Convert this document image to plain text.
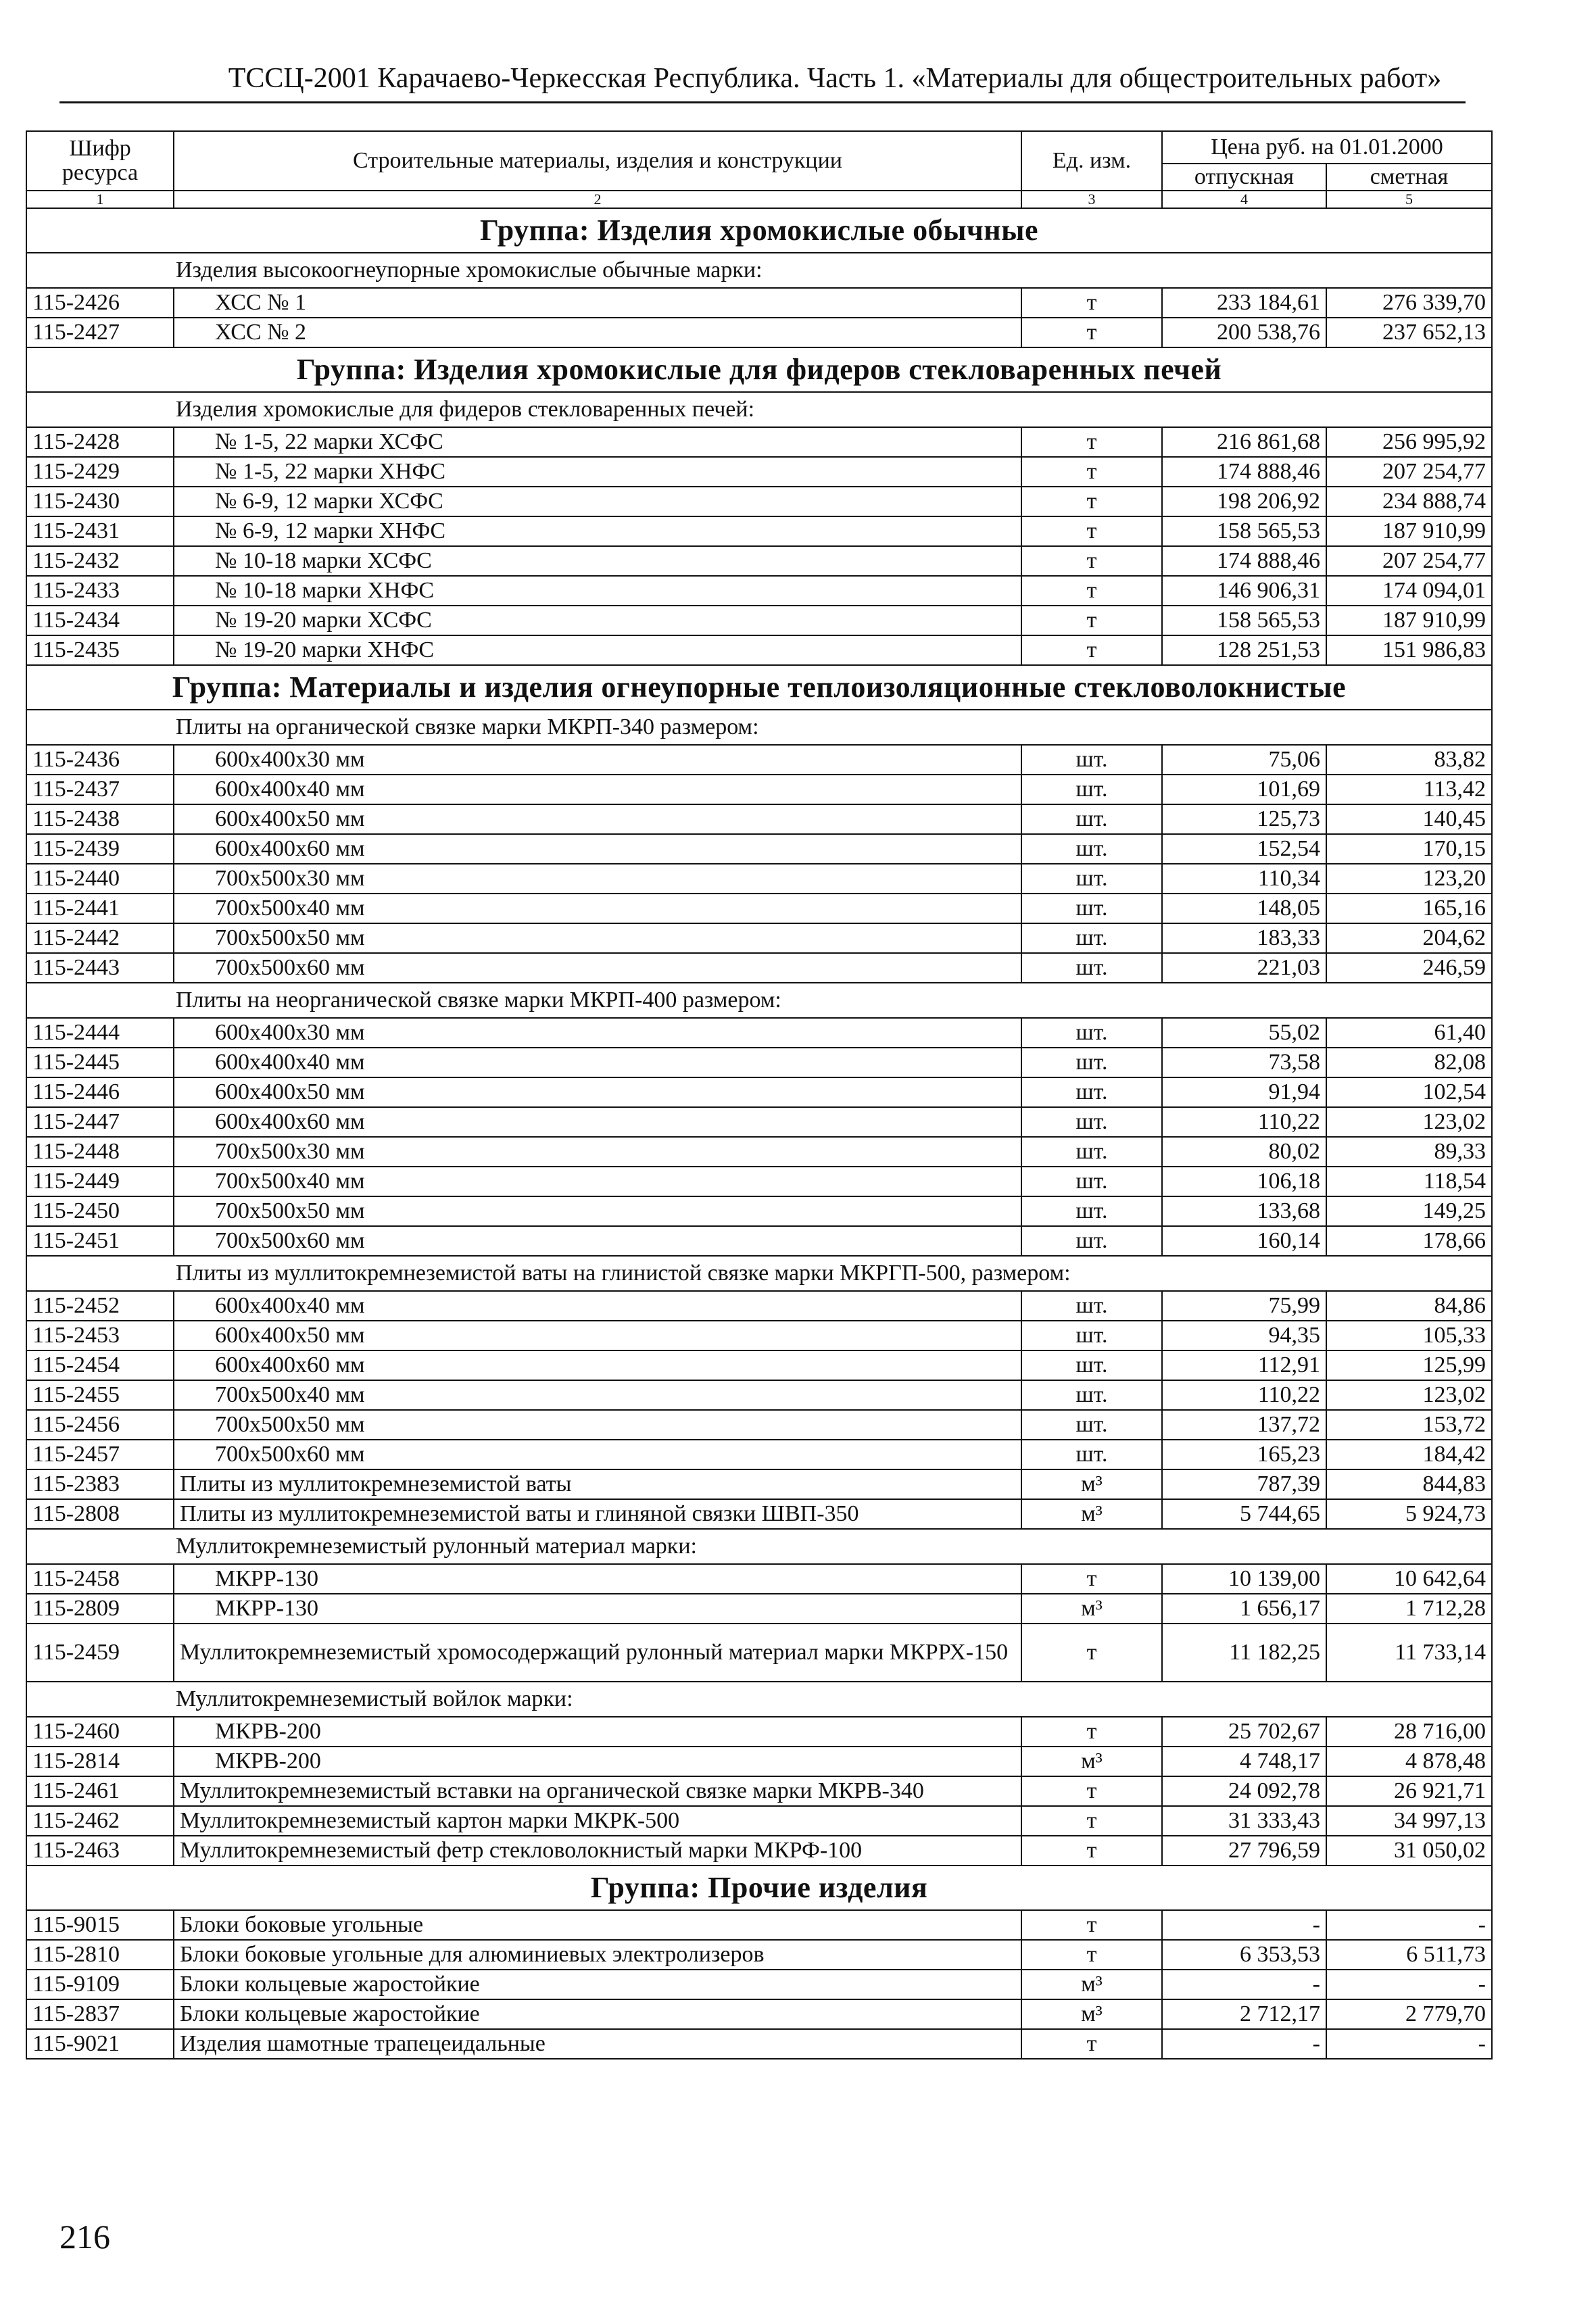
ТССЦ-2001 Карачаево-Черкесская Республика. Часть 1. «Материалы для общестроительных работ»
Шифр ресурса	Строительные материалы, изделия и конструкции	Ед. изм.	Цена руб. на 01.01.2000	
			отпускная	сметная
1	2	3	4	5
Группа: Изделия хромокислые обычные				
Изделия высокоогнеупорные хромокислые обычные марки:				
115-2426	ХСС № 1	т	233 184,61	276 339,70
115-2427	ХСС № 2	т	200 538,76	237 652,13
Группа: Изделия хромокислые для фидеров стекловаренных печей				
Изделия хромокислые для фидеров стекловаренных печей:				
115-2428	№ 1-5, 22 марки ХСФС	т	216 861,68	256 995,92
115-2429	№ 1-5, 22 марки ХНФС	т	174 888,46	207 254,77
115-2430	№ 6-9, 12 марки ХСФС	т	198 206,92	234 888,74
115-2431	№ 6-9, 12 марки ХНФС	т	158 565,53	187 910,99
115-2432	№ 10-18 марки ХСФС	т	174 888,46	207 254,77
115-2433	№ 10-18 марки ХНФС	т	146 906,31	174 094,01
115-2434	№ 19-20 марки ХСФС	т	158 565,53	187 910,99
115-2435	№ 19-20 марки ХНФС	т	128 251,53	151 986,83
Группа: Материалы и изделия огнеупорные теплоизоляционные стекловолокнистые				
Плиты на органической связке марки МКРП-340 размером:				
115-2436	600х400х30 мм	шт.	75,06	83,82
115-2437	600х400х40 мм	шт.	101,69	113,42
115-2438	600х400х50 мм	шт.	125,73	140,45
115-2439	600х400х60 мм	шт.	152,54	170,15
115-2440	700х500х30 мм	шт.	110,34	123,20
115-2441	700х500х40 мм	шт.	148,05	165,16
115-2442	700х500х50 мм	шт.	183,33	204,62
115-2443	700х500х60 мм	шт.	221,03	246,59
Плиты на неорганической связке марки МКРП-400 размером:				
115-2444	600х400х30 мм	шт.	55,02	61,40
115-2445	600х400х40 мм	шт.	73,58	82,08
115-2446	600х400х50 мм	шт.	91,94	102,54
115-2447	600х400х60 мм	шт.	110,22	123,02
115-2448	700х500х30 мм	шт.	80,02	89,33
115-2449	700х500х40 мм	шт.	106,18	118,54
115-2450	700х500х50 мм	шт.	133,68	149,25
115-2451	700х500х60 мм	шт.	160,14	178,66
Плиты из муллитокремнеземистой ваты на глинистой связке марки МКРГП-500, размером:				
115-2452	600х400х40 мм	шт.	75,99	84,86
115-2453	600х400х50 мм	шт.	94,35	105,33
115-2454	600х400х60 мм	шт.	112,91	125,99
115-2455	700х500х40 мм	шт.	110,22	123,02
115-2456	700х500х50 мм	шт.	137,72	153,72
115-2457	700х500х60 мм	шт.	165,23	184,42
115-2383	Плиты из муллитокремнеземистой ваты	м³	787,39	844,83
115-2808	Плиты из муллитокремнеземистой ваты и глиняной связки ШВП-350	м³	5 744,65	5 924,73
Муллитокремнеземистый рулонный материал марки:				
115-2458	МКРР-130	т	10 139,00	10 642,64
115-2809	МКРР-130	м³	1 656,17	1 712,28
115-2459	Муллитокремнеземистый хромосодержащий рулонный материал марки МКРРХ-150	т	11 182,25	11 733,14
Муллитокремнеземистый войлок марки:				
115-2460	МКРВ-200	т	25 702,67	28 716,00
115-2814	МКРВ-200	м³	4 748,17	4 878,48
115-2461	Муллитокремнеземистый вставки на органической связке марки МКРВ-340	т	24 092,78	26 921,71
115-2462	Муллитокремнеземистый картон марки МКРК-500	т	31 333,43	34 997,13
115-2463	Муллитокремнеземистый фетр стекловолокнистый марки МКРФ-100	т	27 796,59	31 050,02
Группа: Прочие изделия				
115-9015	Блоки боковые угольные	т	-	-
115-2810	Блоки боковые угольные для алюминиевых электролизеров	т	6 353,53	6 511,73
115-9109	Блоки кольцевые жаростойкие	м³	-	-
115-2837	Блоки кольцевые жаростойкие	м³	2 712,17	2 779,70
115-9021	Изделия шамотные трапецеидальные	т	-	-
216
